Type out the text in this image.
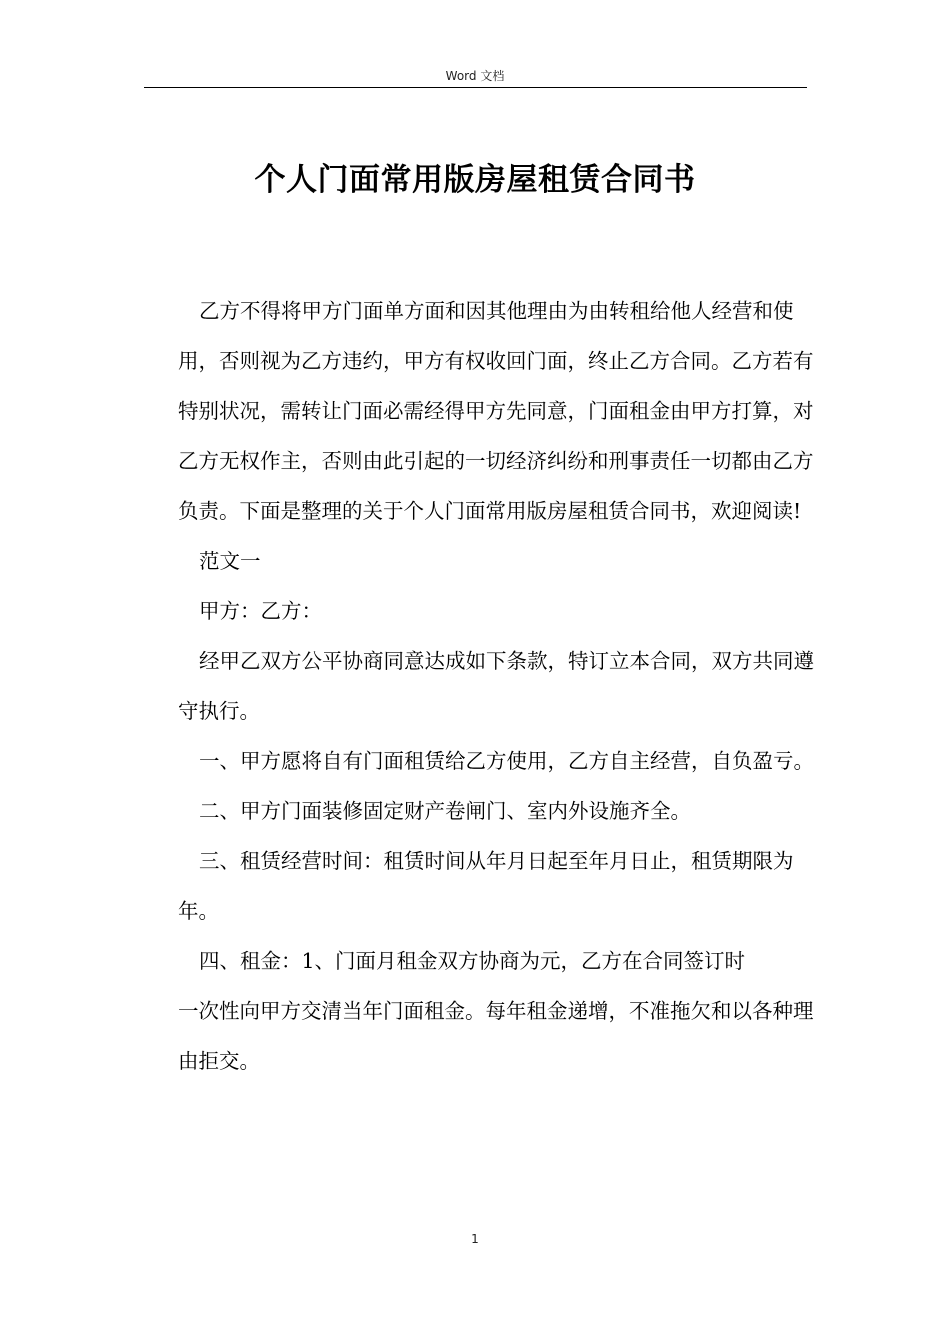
Word 文档
个人门面常用版房屋租赁合同书

乙方不得将甲方门面单方面和因其他理由为由转租给他人经营和使用，否则视为乙方违约，甲方有权收回门面，终止乙方合同。乙方若有特别状况，需转让门面必需经得甲方先同意，门面租金由甲方打算，对乙方无权作主，否则由此引起的一切经济纠纷和刑事责任一切都由乙方负责。下面是整理的关于个人门面常用版房屋租赁合同书，欢迎阅读!

范文一

甲方：乙方：

经甲乙双方公平协商同意达成如下条款，特订立本合同，双方共同遵守执行。

一、甲方愿将自有门面租赁给乙方使用，乙方自主经营，自负盈亏。

二、甲方门面装修固定财产卷闸门、室内外设施齐全。

三、租赁经营时间：租赁时间从年月日起至年月日止，租赁期限为年。

四、租金：1、门面月租金双方协商为元，乙方在合同签订时

一次性向甲方交清当年门面租金。每年租金递增，不准拖欠和以各种理由拒交。

1
